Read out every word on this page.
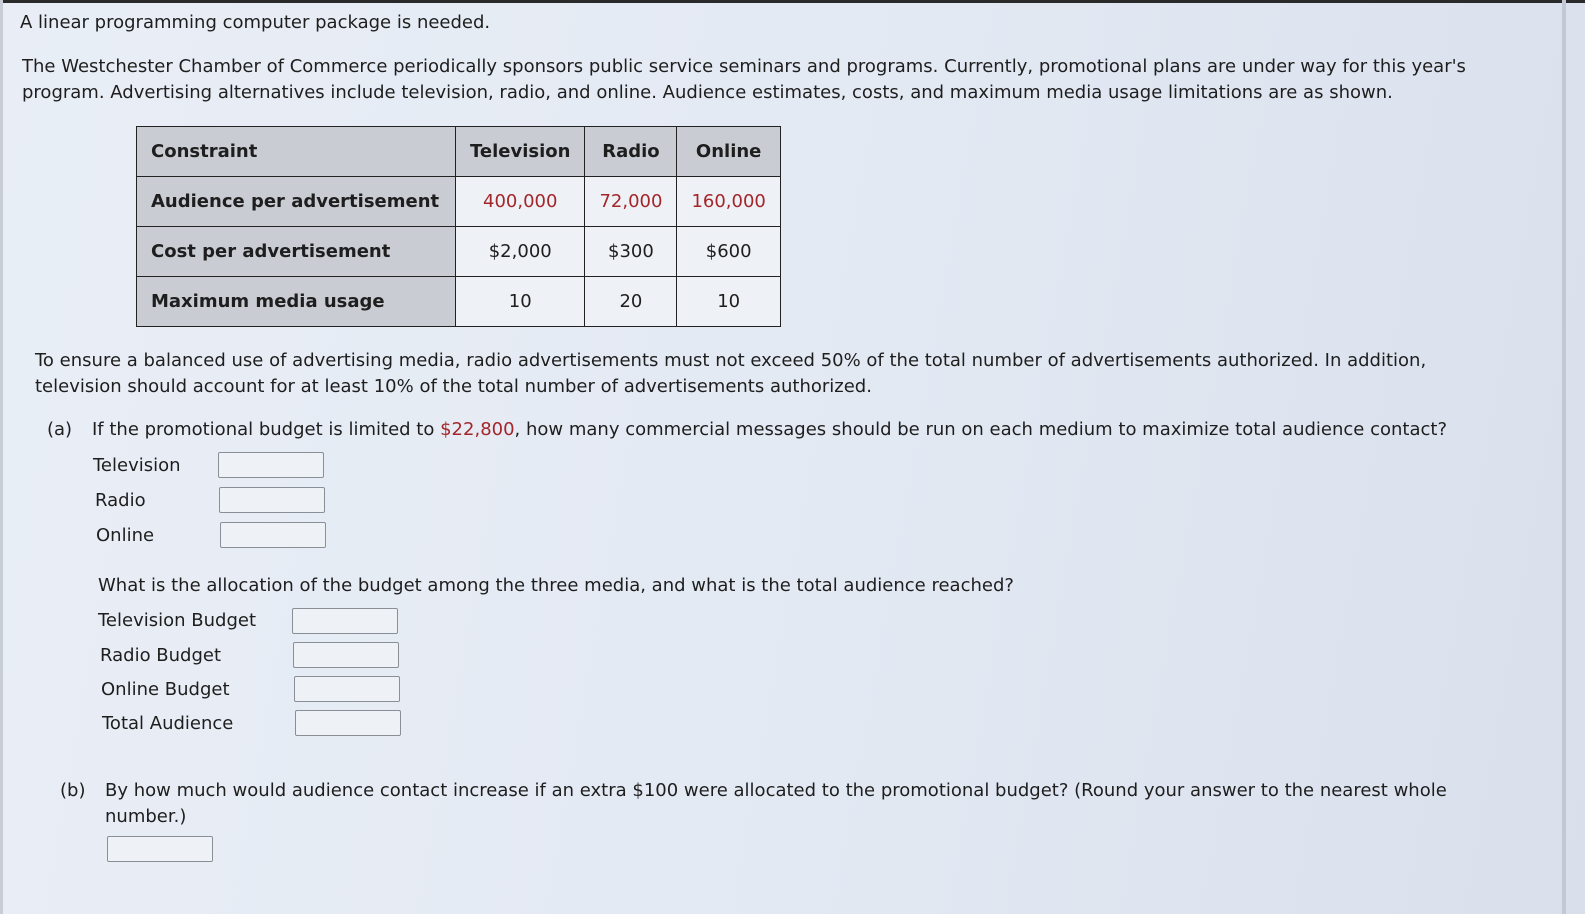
A linear programming computer package is needed.

The Westchester Chamber of Commerce periodically sponsors public service seminars and programs. Currently, promotional plans are under way for this year's program. Advertising alternatives include television, radio, and online. Audience estimates, costs, and maximum media usage limitations are as shown.

Constraint	Television	Radio	Online
Audience per advertisement	400,000	72,000	160,000
Cost per advertisement	$2,000	$300	$600
Maximum media usage	10	20	10

To ensure a balanced use of advertising media, radio advertisements must not exceed 50% of the total number of advertisements authorized. In addition, television should account for at least 10% of the total number of advertisements authorized.

(a) If the promotional budget is limited to $22,800, how many commercial messages should be run on each medium to maximize total audience contact?

Television
Radio
Online

What is the allocation of the budget among the three media, and what is the total audience reached?

Television Budget
Radio Budget
Online Budget
Total Audience
(b) By how much would audience contact increase if an extra $100 were allocated to the promotional budget? (Round your answer to the nearest whole number.)
